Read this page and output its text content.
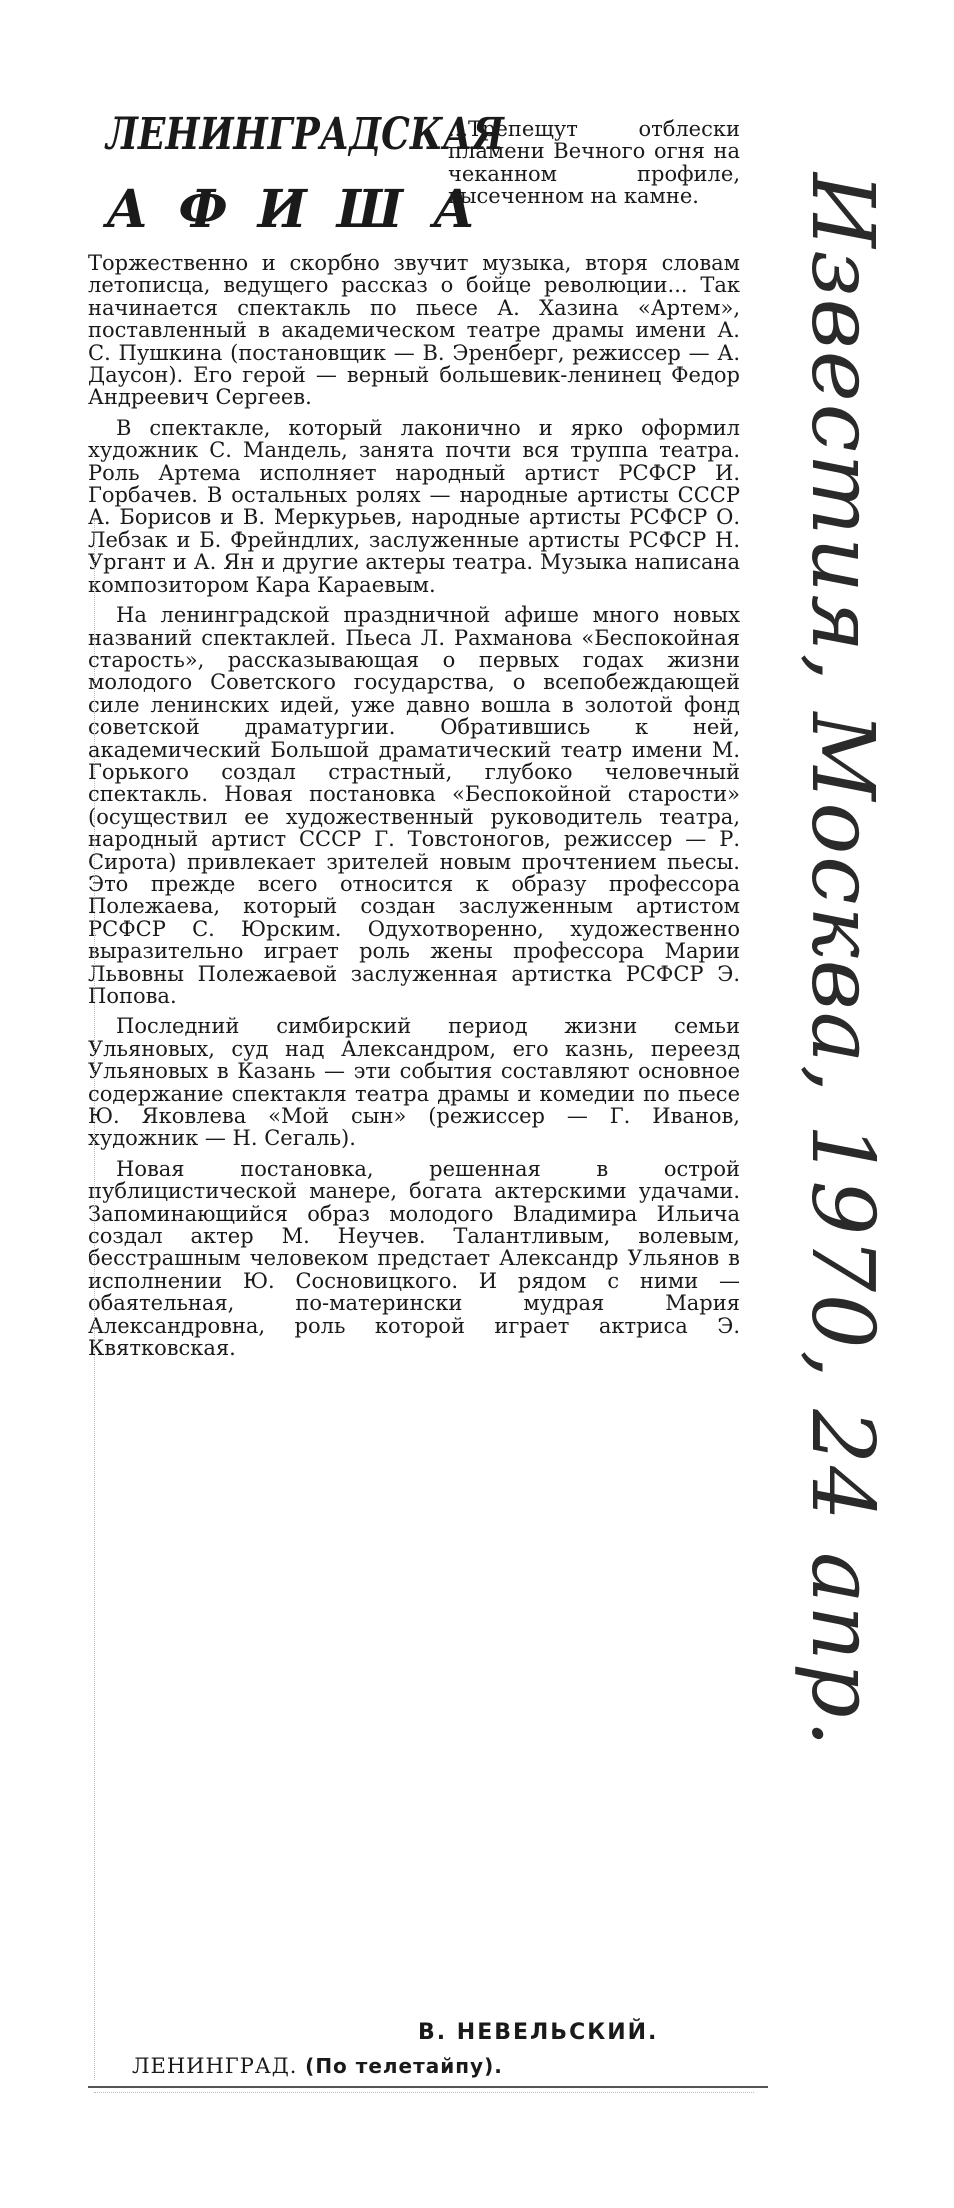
ЛЕНИНГРАДСКАЯ
АФИША
...Трепещут отблески пламени Вечного огня на чеканном профиле, высеченном на камне.

Торжественно и скорбно звучит музыка, вторя словам летописца, ведущего рассказ о бойце революции... Так начинается спектакль по пьесе А. Хазина «Артем», поставленный в академическом театре драмы имени А. С. Пушкина (постановщик — В. Эренберг, режиссер — А. Даусон). Его герой — верный большевик-ленинец Федор Андреевич Сергеев.

В спектакле, который лаконично и ярко оформил художник С. Мандель, занята почти вся труппа театра. Роль Артема исполняет народный артист РСФСР И. Горбачев. В остальных ролях — народные артисты СССР А. Борисов и В. Меркурьев, народные артисты РСФСР О. Лебзак и Б. Фрейндлих, заслуженные артисты РСФСР Н. Ургант и А. Ян и другие актеры театра. Музыка написана композитором Кара Караевым.

На ленинградской праздничной афише много новых названий спектаклей. Пьеса Л. Рахманова «Беспокойная старость», рассказывающая о первых годах жизни молодого Советского государства, о всепобеждающей силе ленинских идей, уже давно вошла в золотой фонд советской драматургии. Обратившись к ней, академический Большой драматический театр имени М. Горького создал страстный, глубоко человечный спектакль. Новая постановка «Беспокойной старости» (осуществил ее художественный руководитель театра, народный артист СССР Г. Товстоногов, режиссер — Р. Сирота) привлекает зрителей новым прочтением пьесы. Это прежде всего относится к образу профессора Полежаева, который создан заслуженным артистом РСФСР С. Юрским. Одухотворенно, художественно выразительно играет роль жены профессора Марии Львовны Полежаевой заслуженная артистка РСФСР Э. Попова.

Последний симбирский период жизни семьи Ульяновых, суд над Александром, его казнь, переезд Ульяновых в Казань — эти события составляют основное содержание спектакля театра драмы и комедии по пьесе Ю. Яковлева «Мой сын» (режиссер — Г. Иванов, художник — Н. Сегаль).

Новая постановка, решенная в острой публицистической манере, богата актерскими удачами. Запоминающийся образ молодого Владимира Ильича создал актер М. Неучев. Талантливым, волевым, бесстрашным человеком предстает Александр Ульянов в исполнении Ю. Сосновицкого. И рядом с ними — обаятельная, по-матерински мудрая Мария Александровна, роль которой играет актриса Э. Квятковская.

В. НЕВЕЛЬСКИЙ.
ЛЕНИНГРАД. (По телетайпу).
Известия, Москва, 1970, 24 апр.
